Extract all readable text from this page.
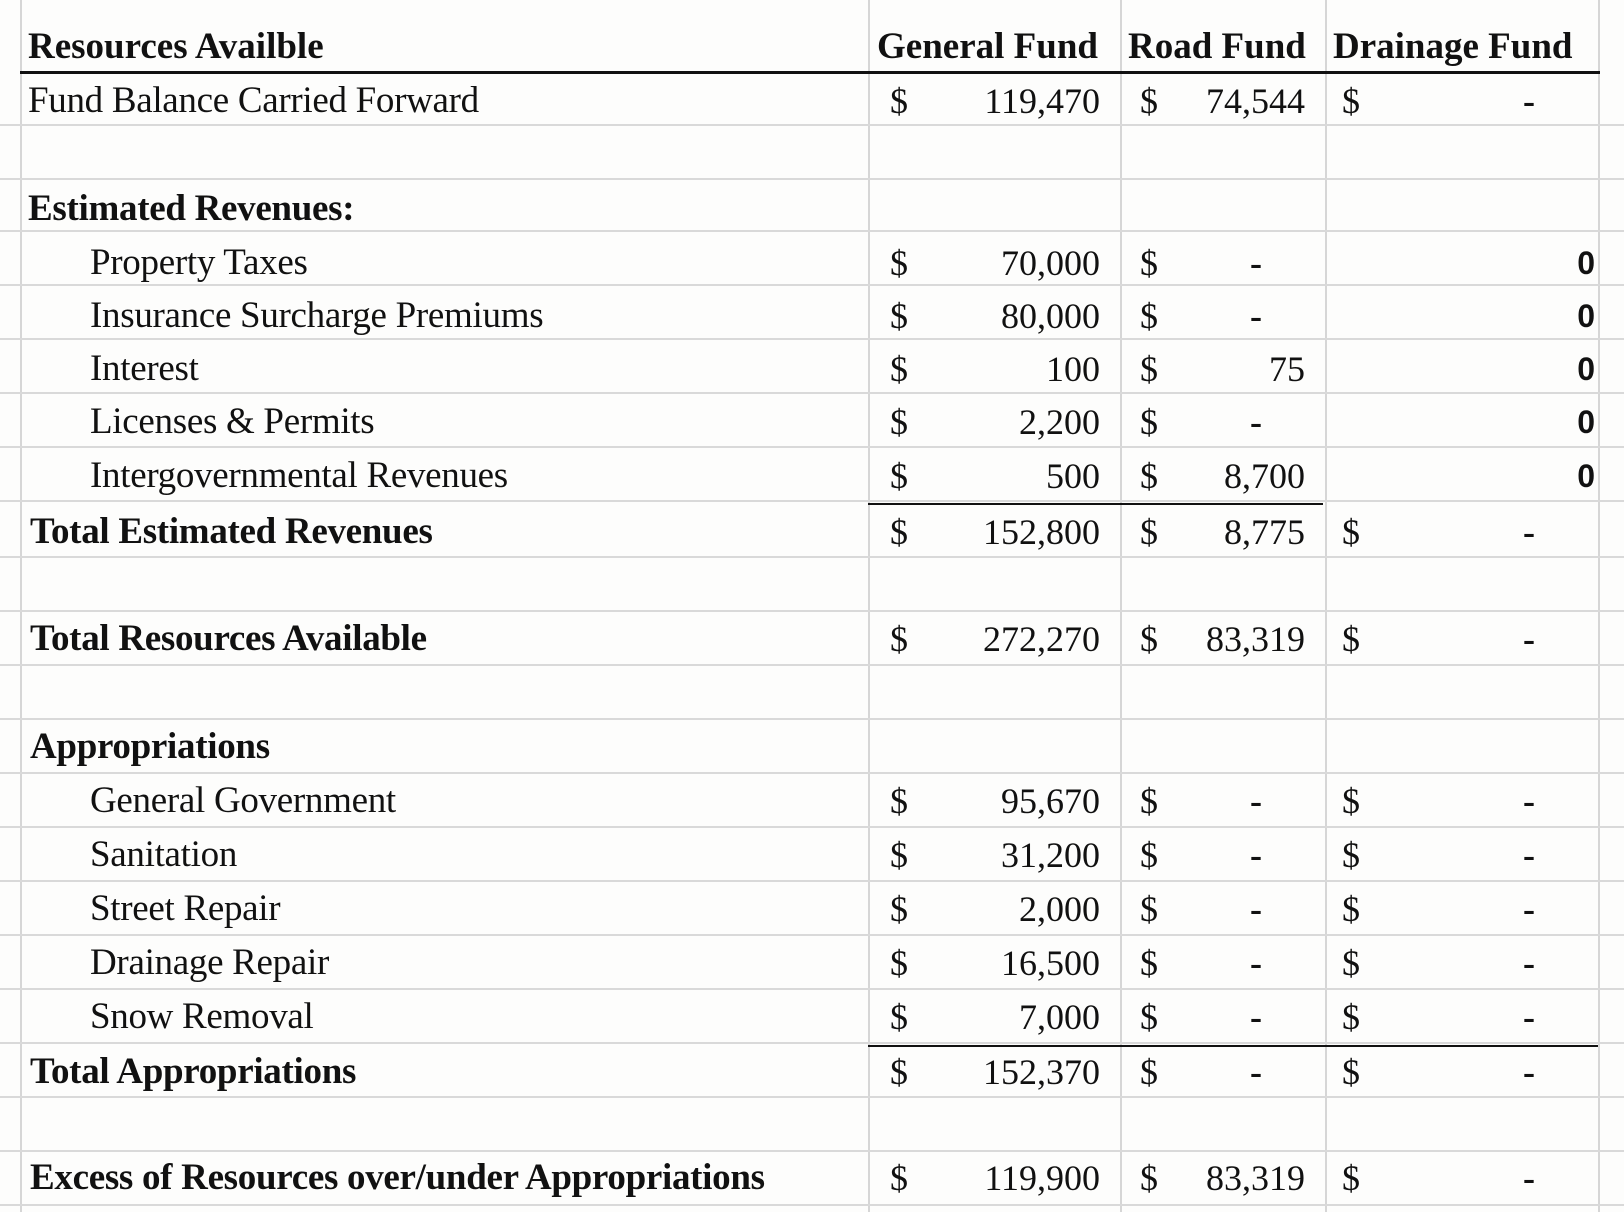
Resources Availble	General Fund Road Fund Drainage Fund
Fund Balance Carried Forward	$	119,470 $	74,544 $	-
Estimated Revenues:
Property Taxes	$	70,000 $	-	0
Insurance Surcharge Premiums	$	80,000 $	-	0
Interest	$	100 $	75	0
Licenses & Permits	$	2,200 $	-	0
Intergovernmental Revenues	$	500 $	8,700	0
Total Estimated Revenues	$	152,800 $	8,775 $	-
Total Resources Available	$	272,270 $	83,319 $	-
Appropriations
General Government	$	95,670 $	- $	-
Sanitation	$	31,200 $	- $	-
Street Repair	$	2,000 $	- $	-
Drainage Repair	$	16,500 $	- $	-
Snow Removal	$	7,000 $	- $	-
Total Appropriations	$	152,370 $	- $	-
Excess of Resources over/under Appropriations	$	119,900 $	83,319 $	-
